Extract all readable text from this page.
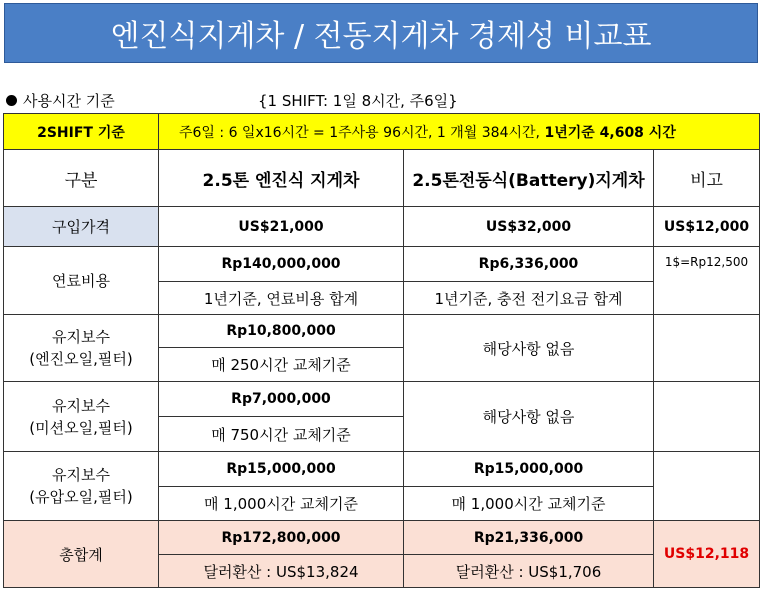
엔진식지게차 / 전동지게차 경제성 비교표
사용시간 기준	{1 SHIFT: 1일 8시간, 주6일}
2SHIFT 기준	주6일 : 6 일x16시간 = 1주사용 96시간, 1 개월 384시간, 1년기준 4,608 시간		
구분	2.5톤 엔진식 지게차	2.5톤전동식(Battery)지게차	비고
구입가격	US$21,000	US$32,000	US$12,000
연료비용	Rp140,000,000	Rp6,336,000	1$=Rp12,500
	1년기준, 연료비용 합계	1년기준, 충전 전기요금 합계	
유지보수
(엔진오일,필터)	Rp10,800,000	해당사항 없음	
	매 250시간 교체기준		
유지보수
(미션오일,필터)	Rp7,000,000	해당사항 없음	
	매 750시간 교체기준		
유지보수
(유압오일,필터)	Rp15,000,000	Rp15,000,000	
	매 1,000시간 교체기준	매 1,000시간 교체기준	
총합계	Rp172,800,000	Rp21,336,000	US$12,118
	달러환산 : US$13,824	달러환산 : US$1,706	
